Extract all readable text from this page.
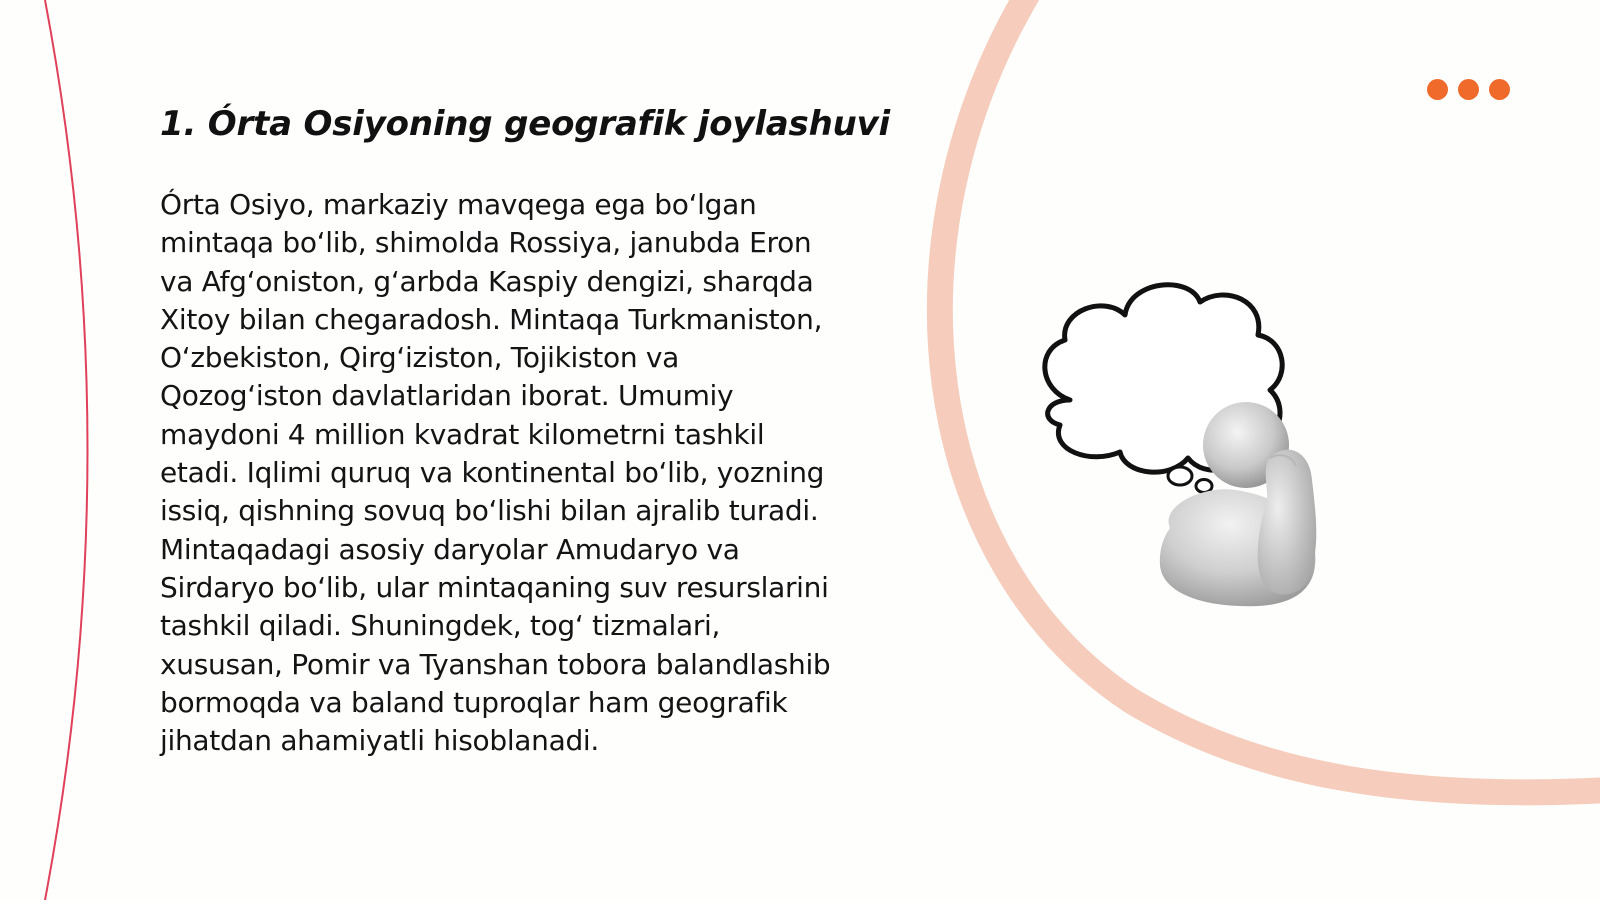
1. Órta Osiyoning geografik joylashuvi

Órta Osiyo, markaziy mavqega ega bo‘lgan mintaqa bo‘lib, shimolda Rossiya, janubda Eron va Afg‘oniston, g‘arbda Kaspiy dengizi, sharqda Xitoy bilan chegaradosh. Mintaqa Turkmaniston, O‘zbekiston, Qirg‘iziston, Tojikiston va Qozog‘iston davlatlaridan iborat. Umumiy maydoni 4 million kvadrat kilometrni tashkil etadi. Iqlimi quruq va kontinental bo‘lib, yozning issiq, qishning sovuq bo‘lishi bilan ajralib turadi. Mintaqadagi asosiy daryolar Amudaryo va Sirdaryo bo‘lib, ular mintaqaning suv resurslarini tashkil qiladi. Shuningdek, tog‘ tizmalari, xususan, Pomir va Tyanshan tobora balandlashib bormoqda va baland tuproqlar ham geografik jihatdan ahamiyatli hisoblanadi.
